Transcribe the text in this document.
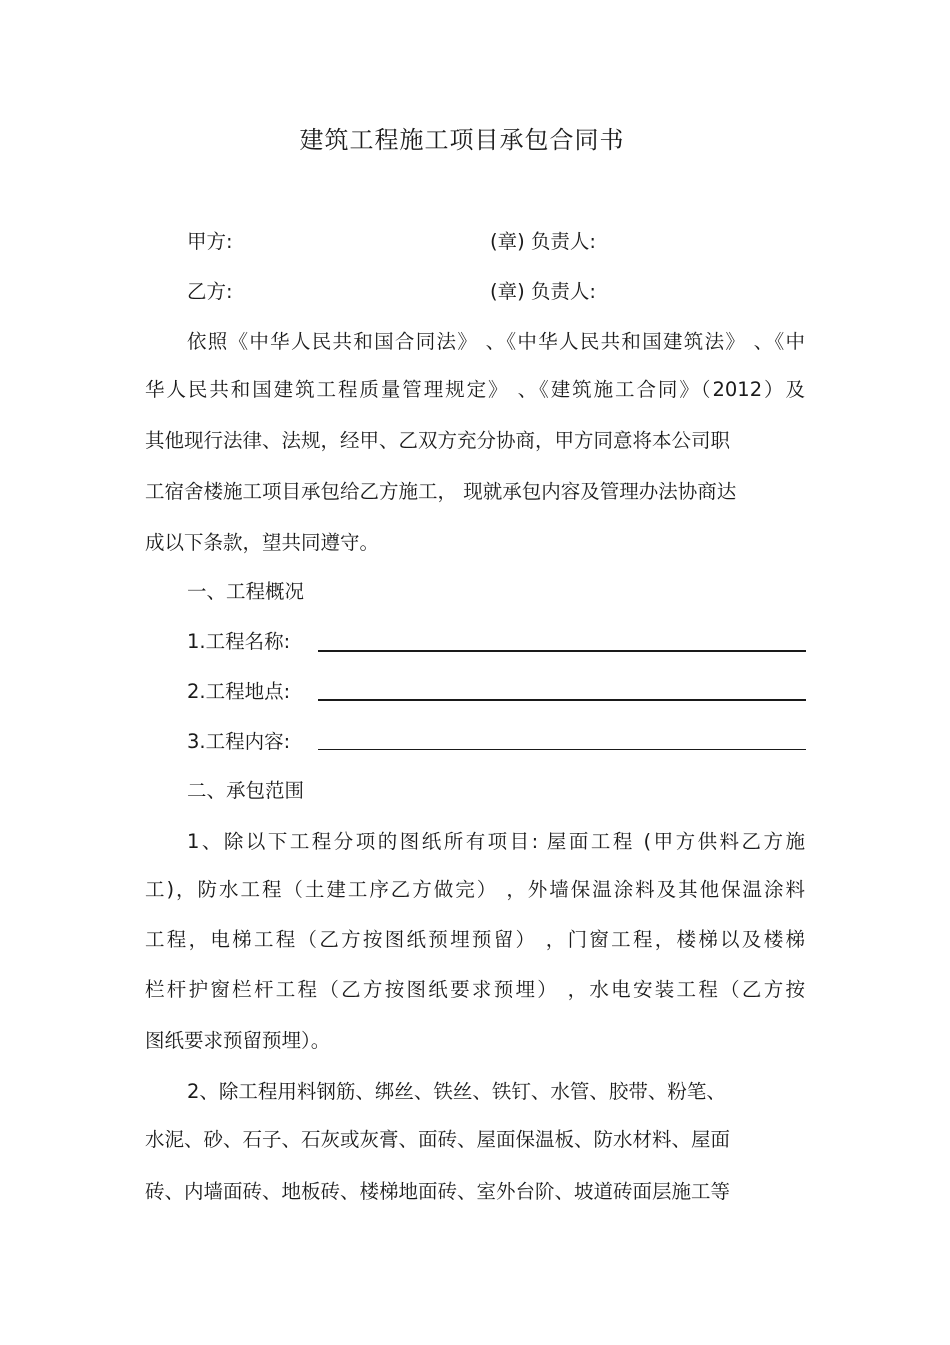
建筑工程施工项目承包合同书
甲方:	(章) 负责人:
乙方:	(章) 负责人:
依照《中华人民共和国合同法》 、《中华人民共和国建筑法》 、《中
华人民共和国建筑工程质量管理规定》 、《建筑施工合同》（2012）及
其他现行法律、法规，经甲、乙双方充分协商，甲方同意将本公司职
工宿舍楼施工项目承包给乙方施工， 现就承包内容及管理办法协商达
成以下条款，望共同遵守。
一、工程概况
1.工程名称:
2.工程地点:
3.工程内容:
二、承包范围
1、除以下工程分项的图纸所有项目: 屋面工程 (甲方供料乙方施
工)，防水工程（土建工序乙方做完） ，外墙保温涂料及其他保温涂料
工程，电梯工程（乙方按图纸预埋预留） ，门窗工程，楼梯以及楼梯
栏杆护窗栏杆工程（乙方按图纸要求预埋） ，水电安装工程（乙方按
图纸要求预留预埋）。
2、除工程用料钢筋、绑丝、铁丝、铁钉、水管、胶带、粉笔、
水泥、砂、石子、石灰或灰膏、面砖、屋面保温板、防水材料、屋面
砖、内墙面砖、地板砖、楼梯地面砖、室外台阶、坡道砖面层施工等
